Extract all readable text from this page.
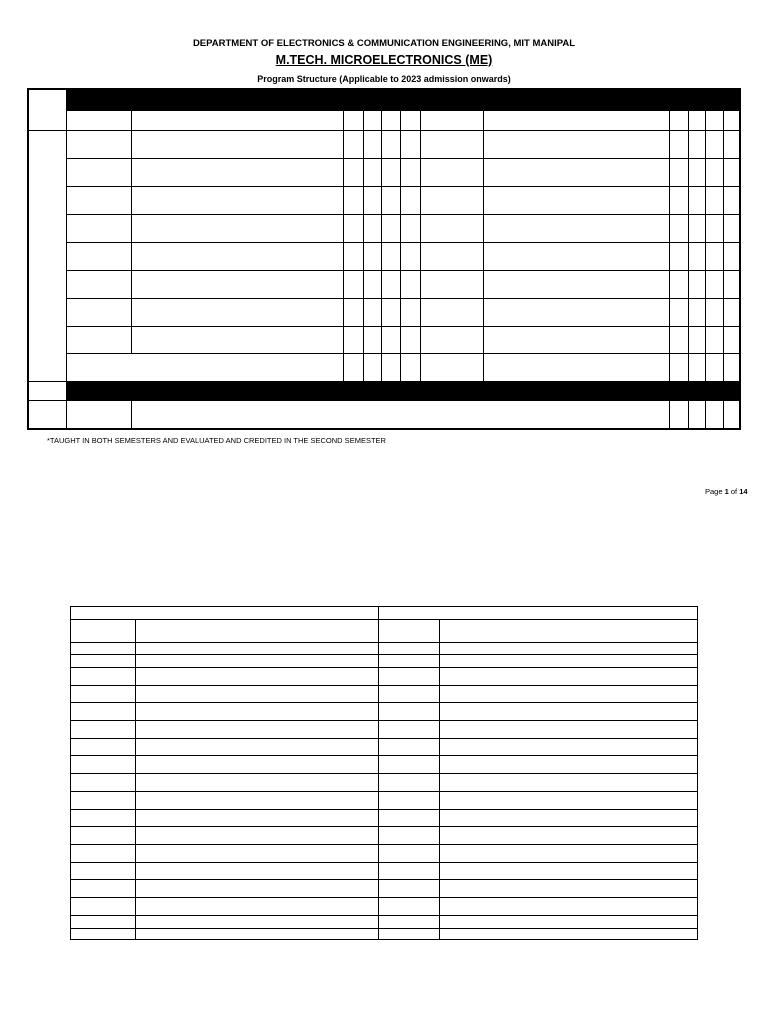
DEPARTMENT OF ELECTRONICS & COMMUNICATION ENGINEERING, MIT MANIPAL
M.TECH. MICROELECTRONICS (ME)
Program Structure (Applicable to 2023 admission onwards)
*TAUGHT IN BOTH SEMESTERS AND EVALUATED AND CREDITED IN THE SECOND SEMESTER
Page 1 of 14
